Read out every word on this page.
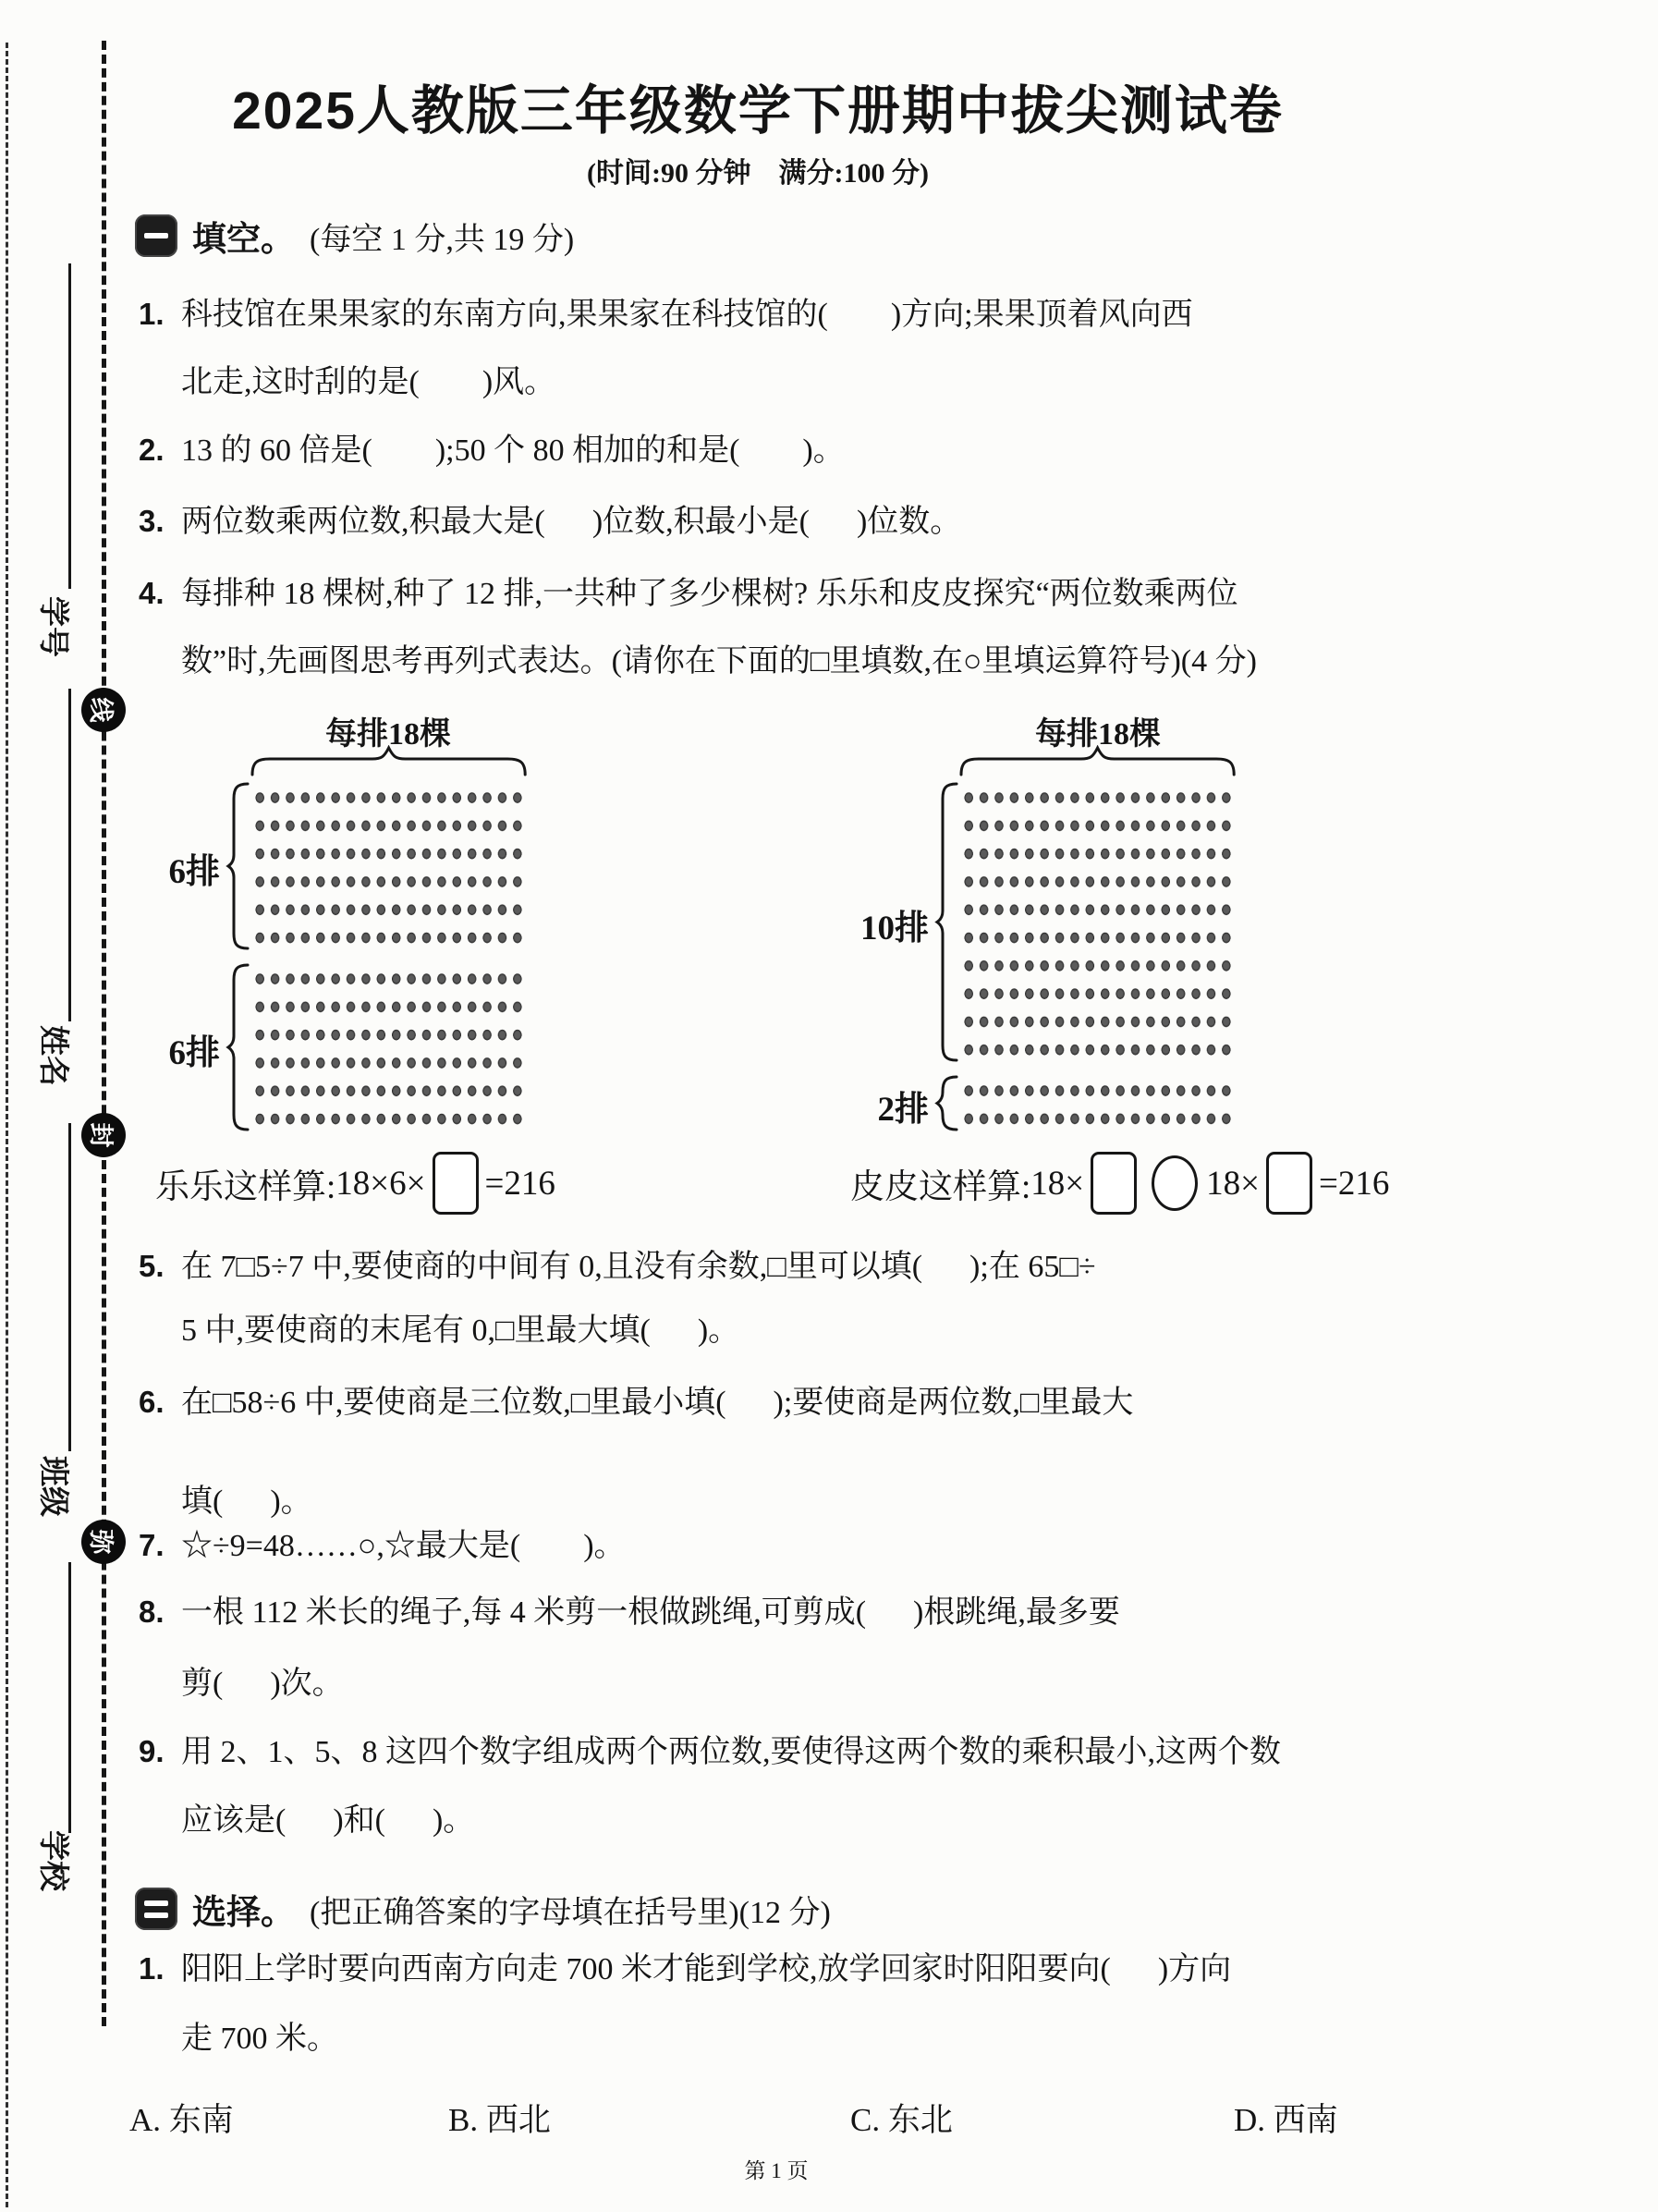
学号
姓名
班级
学校
线
封
弥
2025人教版三年级数学下册期中拔尖测试卷
(时间:90 分钟    满分:100 分)
填空。 (每空 1 分,共 19 分)
选择。 (把正确答案的字母填在括号里)(12 分)
每排18棵	每排18棵
6排
6排
10排
2排
乐乐这样算: 18×6× =216	皮皮这样算: 18×	18× =216
1. 科技馆在果果家的东南方向,果果家在科技馆的(        )方向;果果顶着风向西
北走,这时刮的是(        )风。
2. 13 的 60 倍是(        );50 个 80 相加的和是(        )。
3. 两位数乘两位数,积最大是(      )位数,积最小是(      )位数。
4. 每排种 18 棵树,种了 12 排,一共种了多少棵树? 乐乐和皮皮探究“两位数乘两位
数”时,先画图思考再列式表达。(请你在下面的□里填数,在○里填运算符号)(4 分)
5. 在 7□5÷7 中,要使商的中间有 0,且没有余数,□里可以填(      );在 65□÷
5 中,要使商的末尾有 0,□里最大填(      )。
6. 在□58÷6 中,要使商是三位数,□里最小填(      );要使商是两位数,□里最大
填(      )。
7. ☆÷9=48……○,☆最大是(        )。
8. 一根 112 米长的绳子,每 4 米剪一根做跳绳,可剪成(      )根跳绳,最多要
剪(      )次。
9. 用 2、1、5、8 这四个数字组成两个两位数,要使得这两个数的乘积最小,这两个数
应该是(      )和(      )。
1. 阳阳上学时要向西南方向走 700 米才能到学校,放学回家时阳阳要向(      )方向
走 700 米。
A. 东南	B. 西北	C. 东北	D. 西南
第 1 页
